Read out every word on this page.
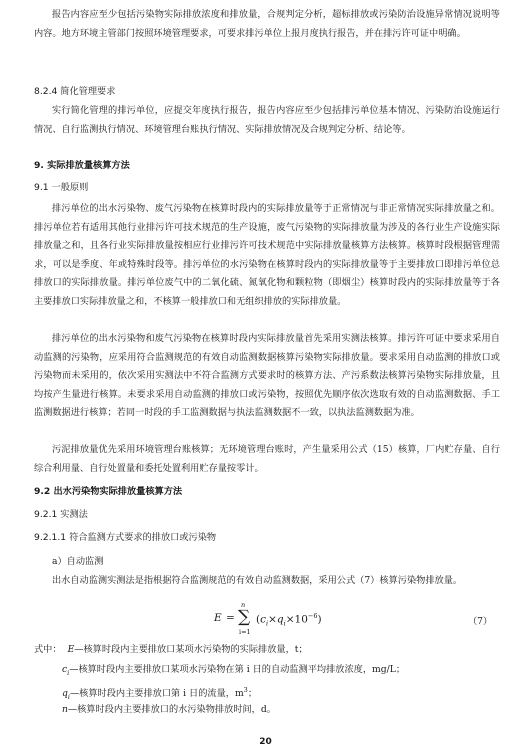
报告内容应至少包括污染物实际排放浓度和排放量，合规判定分析，超标排放或污染防治设施异常情况说明等内容。地方环境主管部门按照环境管理要求，可要求排污单位上报月度执行报告，并在排污许可证中明确。

8.2.4 简化管理要求

实行简化管理的排污单位，应提交年度执行报告，报告内容应至少包括排污单位基本情况、污染防治设施运行情况、自行监测执行情况、环境管理台账执行情况、实际排放情况及合规判定分析、结论等。

9. 实际排放量核算方法

9.1 一般原则

排污单位的出水污染物、废气污染物在核算时段内的实际排放量等于正常情况与非正常情况实际排放量之和。排污单位若有适用其他行业排污许可技术规范的生产设施，废气污染物的实际排放量为涉及的各行业生产设施实际排放量之和，且各行业实际排放量按相应行业排污许可技术规范中实际排放量核算方法核算。核算时段根据管理需求，可以是季度、年或特殊时段等。排污单位的水污染物在核算时段内的实际排放量等于主要排放口即排污单位总排放口的实际排放量。排污单位废气中的二氧化硫、氮氧化物和颗粒物（即烟尘）核算时段内的实际排放量等于各主要排放口实际排放量之和，不核算一般排放口和无组织排放的实际排放量。

排污单位的出水污染物和废气污染物在核算时段内实际排放量首先采用实测法核算。排污许可证中要求采用自动监测的污染物，应采用符合监测规范的有效自动监测数据核算污染物实际排放量。要求采用自动监测的排放口或污染物而未采用的，依次采用实测法中不符合监测方式要求时的核算方法、产污系数法核算污染物实际排放量，且均按产生量进行核算。未要求采用自动监测的排放口或污染物，按照优先顺序依次选取有效的自动监测数据、手工监测数据进行核算；若同一时段的手工监测数据与执法监测数据不一致，以执法监测数据为准。

污泥排放量优先采用环境管理台账核算；无环境管理台账时，产生量采用公式（15）核算，厂内贮存量、自行综合利用量、自行处置量和委托处置利用贮存量按零计。

9.2 出水污染物实际排放量核算方法

9.2.1 实测法

9.2.1.1 符合监测方式要求的排放口或污染物

a）自动监测

出水自动监测实测法是指根据符合监测规范的有效自动监测数据，采用公式（7）核算污染物排放量。

E =
n
∑
i=1
$(c_i\times q_i\times 10^{-6})$	（7）

式中： E—核算时段内主要排放口某项水污染物的实际排放量，t；

$c_i—$核算时段内主要排放口某项水污染物在第 i 日的自动监测平均排放浓度，mg/L；

$q_i—$核算时段内主要排放口第 i 日的流量，$m^3$；

n—核算时段内主要排放口的水污染物排放时间，d。

20
